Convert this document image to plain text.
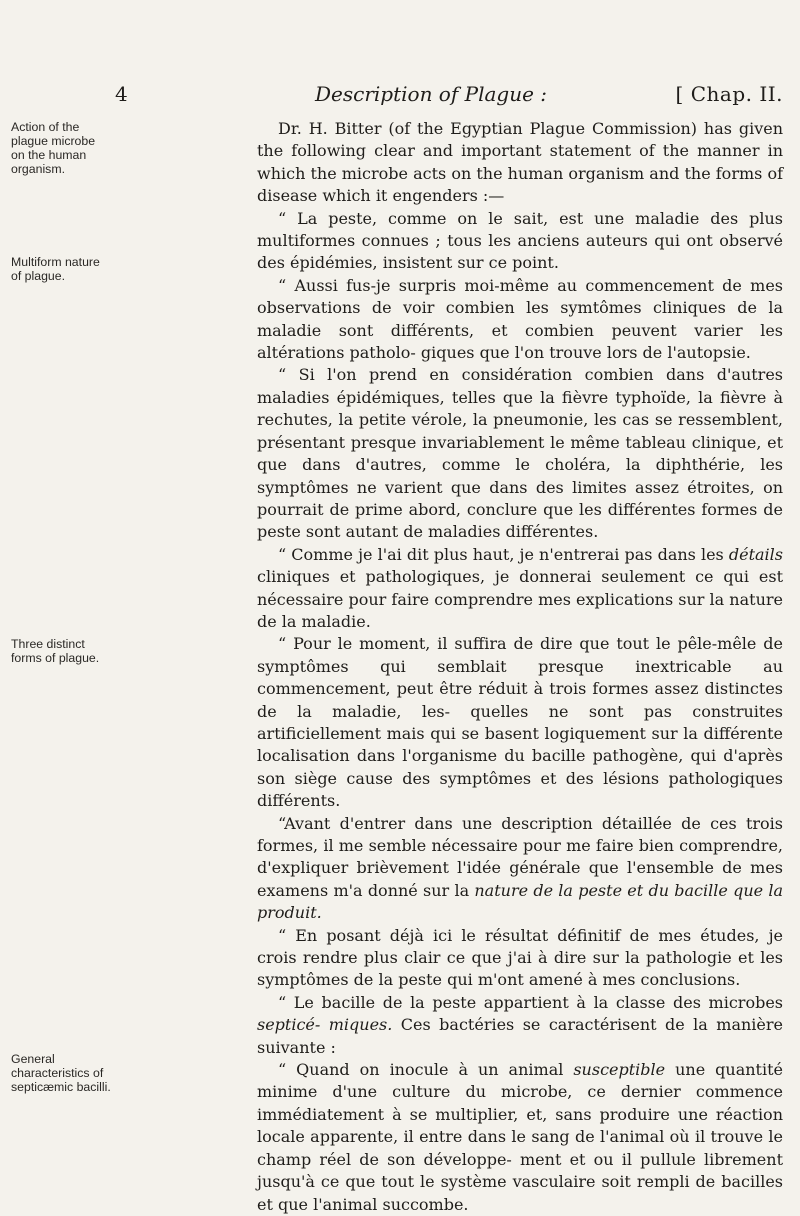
4	Description of Plague :	[ Chap. II.
Action of the plague microbe on the human organism.
Multiform nature of plague.
Three distinct forms of plague.
General characteristics of septicæmic bacilli.

Dr. H. Bitter (of the Egyptian Plague Commission) has given the following clear and important statement of the manner in which the microbe acts on the human organism and the forms of disease which it engenders :—

“ La peste, comme on le sait, est une maladie des plus multiformes connues ; tous les anciens auteurs qui ont observé des épidémies, insistent sur ce point.

“ Aussi fus-je surpris moi-même au commencement de mes observations de voir combien les symtômes cliniques de la maladie sont différents, et combien peuvent varier les altérations patholo- giques que l'on trouve lors de l'autopsie.

“ Si l'on prend en considération combien dans d'autres maladies épidémiques, telles que la fièvre typhoïde, la fièvre à rechutes, la petite vérole, la pneumonie, les cas se ressemblent, présentant presque invariablement le même tableau clinique, et que dans d'autres, comme le choléra, la diphthérie, les symptômes ne varient que dans des limites assez étroites, on pourrait de prime abord, conclure que les différentes formes de peste sont autant de maladies différentes.

“ Comme je l'ai dit plus haut, je n'entrerai pas dans les détails cliniques et pathologiques, je donnerai seulement ce qui est nécessaire pour faire comprendre mes explications sur la nature de la maladie.

“ Pour le moment, il suffira de dire que tout le pêle-mêle de symptômes qui semblait presque inextricable au commencement, peut être réduit à trois formes assez distinctes de la maladie, les- quelles ne sont pas construites artificiellement mais qui se basent logiquement sur la différente localisation dans l'organisme du bacille pathogène, qui d'après son siège cause des symptômes et des lésions pathologiques différents.

“Avant d'entrer dans une description détaillée de ces trois formes, il me semble nécessaire pour me faire bien comprendre, d'expliquer brièvement l'idée générale que l'ensemble de mes examens m'a donné sur la nature de la peste et du bacille que la produit.

“ En posant déjà ici le résultat définitif de mes études, je crois rendre plus clair ce que j'ai à dire sur la pathologie et les symptômes de la peste qui m'ont amené à mes conclusions.

“ Le bacille de la peste appartient à la classe des microbes septicé- miques. Ces bactéries se caractérisent de la manière suivante :

“ Quand on inocule à un animal susceptible une quantité minime d'une culture du microbe, ce dernier commence immédiatement à se multiplier, et, sans produire une réaction locale apparente, il entre dans le sang de l'animal où il trouve le champ réel de son développe- ment et ou il pullule librement jusqu'à ce que tout le système vasculaire soit rempli de bacilles et que l'animal succombe.
